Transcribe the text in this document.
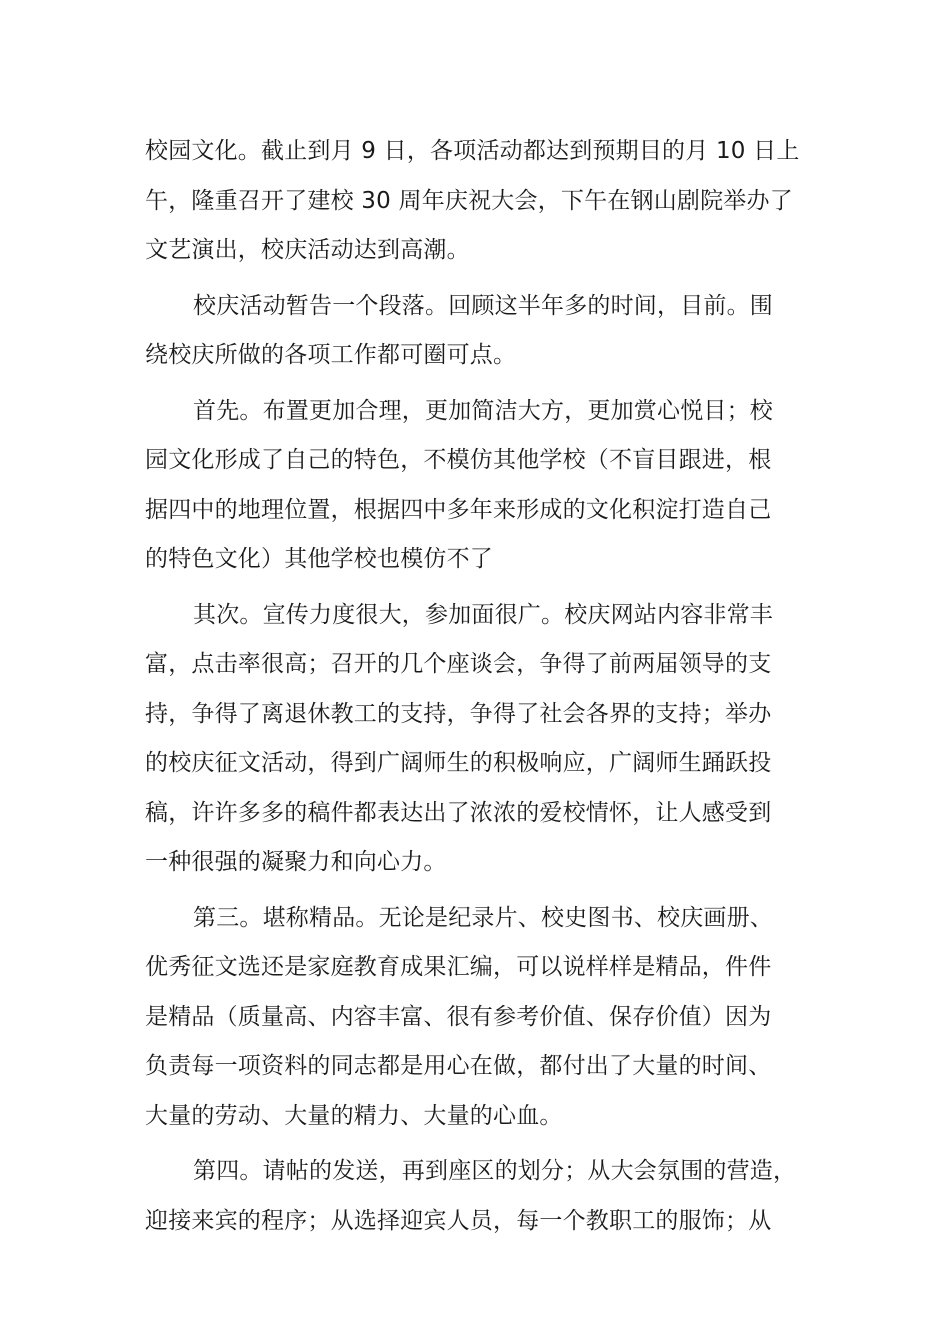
校园文化。截止到月 9 日，各项活动都达到预期目的月 10 日上
午，隆重召开了建校 30 周年庆祝大会，下午在钢山剧院举办了
文艺演出，校庆活动达到高潮。
校庆活动暂告一个段落。回顾这半年多的时间，目前。围
绕校庆所做的各项工作都可圈可点。
首先。布置更加合理，更加简洁大方，更加赏心悦目；校
园文化形成了自己的特色，不模仿其他学校（不盲目跟进，根
据四中的地理位置，根据四中多年来形成的文化积淀打造自己
的特色文化）其他学校也模仿不了
其次。宣传力度很大，参加面很广。校庆网站内容非常丰
富，点击率很高；召开的几个座谈会，争得了前两届领导的支
持，争得了离退休教工的支持，争得了社会各界的支持；举办
的校庆征文活动，得到广阔师生的积极响应，广阔师生踊跃投
稿，许许多多的稿件都表达出了浓浓的爱校情怀，让人感受到
一种很强的凝聚力和向心力。
第三。堪称精品。无论是纪录片、校史图书、校庆画册、
优秀征文选还是家庭教育成果汇编，可以说样样是精品，件件
是精品（质量高、内容丰富、很有参考价值、保存价值）因为
负责每一项资料的同志都是用心在做，都付出了大量的时间、
大量的劳动、大量的精力、大量的心血。
第四。请帖的发送，再到座区的划分；从大会氛围的营造，
迎接来宾的程序；从选择迎宾人员，每一个教职工的服饰；从
